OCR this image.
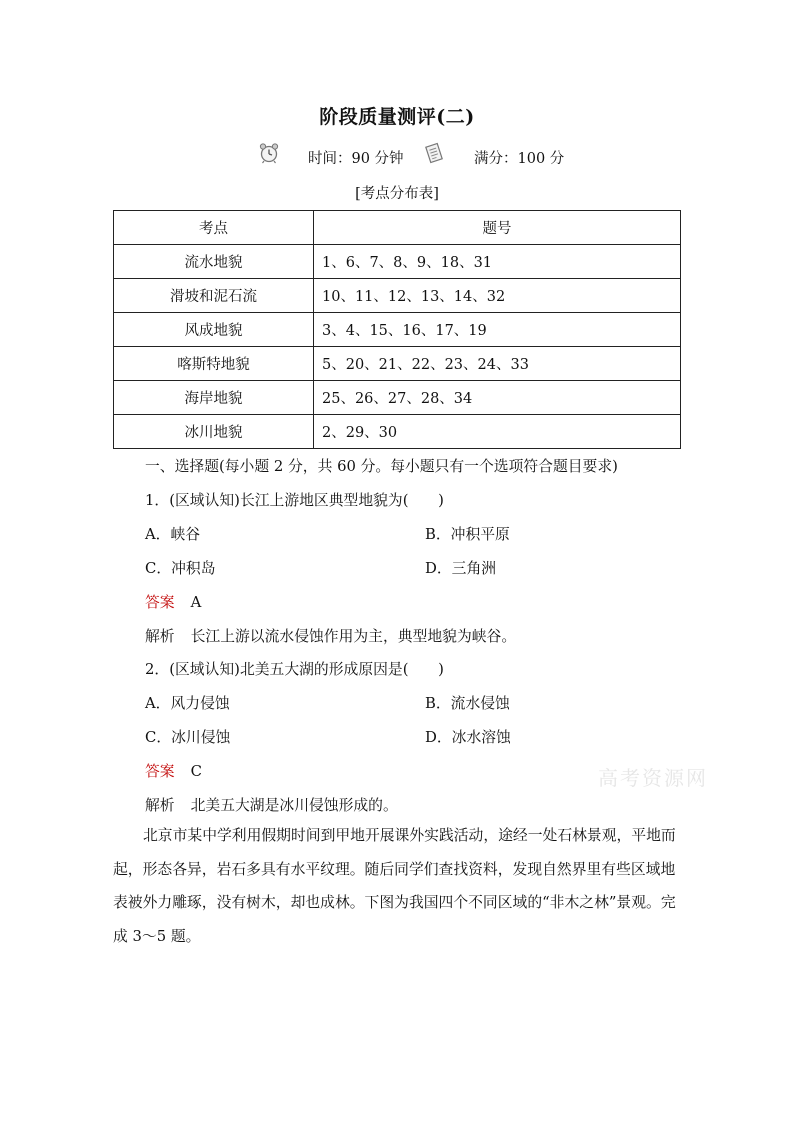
阶段质量测评(二)
时间：90 分钟	满分：100 分
[考点分布表]
考点	题号
流水地貌	1、6、7、8、9、18、31
滑坡和泥石流	10、11、12、13、14、32
风成地貌	3、4、15、16、17、19
喀斯特地貌	5、20、21、22、23、24、33
海岸地貌	25、26、27、28、34
冰川地貌	2、29、30
一、选择题(每小题 2 分，共 60 分。每小题只有一个选项符合题目要求)
1．(区域认知)长江上游地区典型地貌为(　　)
A．峡谷	B．冲积平原
C．冲积岛	D．三角洲
答案 A
解析 长江上游以流水侵蚀作用为主，典型地貌为峡谷。
2．(区域认知)北美五大湖的形成原因是(　　)
A．风力侵蚀	B．流水侵蚀
C．冰川侵蚀	D．冰水溶蚀
答案 C
解析 北美五大湖是冰川侵蚀形成的。
高考资源网
北京市某中学利用假期时间到甲地开展课外实践活动，途经一处石林景观，平地而起，形态各异，岩石多具有水平纹理。随后同学们查找资料，发现自然界里有些区域地表被外力雕琢，没有树木，却也成林。下图为我国四个不同区域的“非木之林”景观。完成 3～5 题。
